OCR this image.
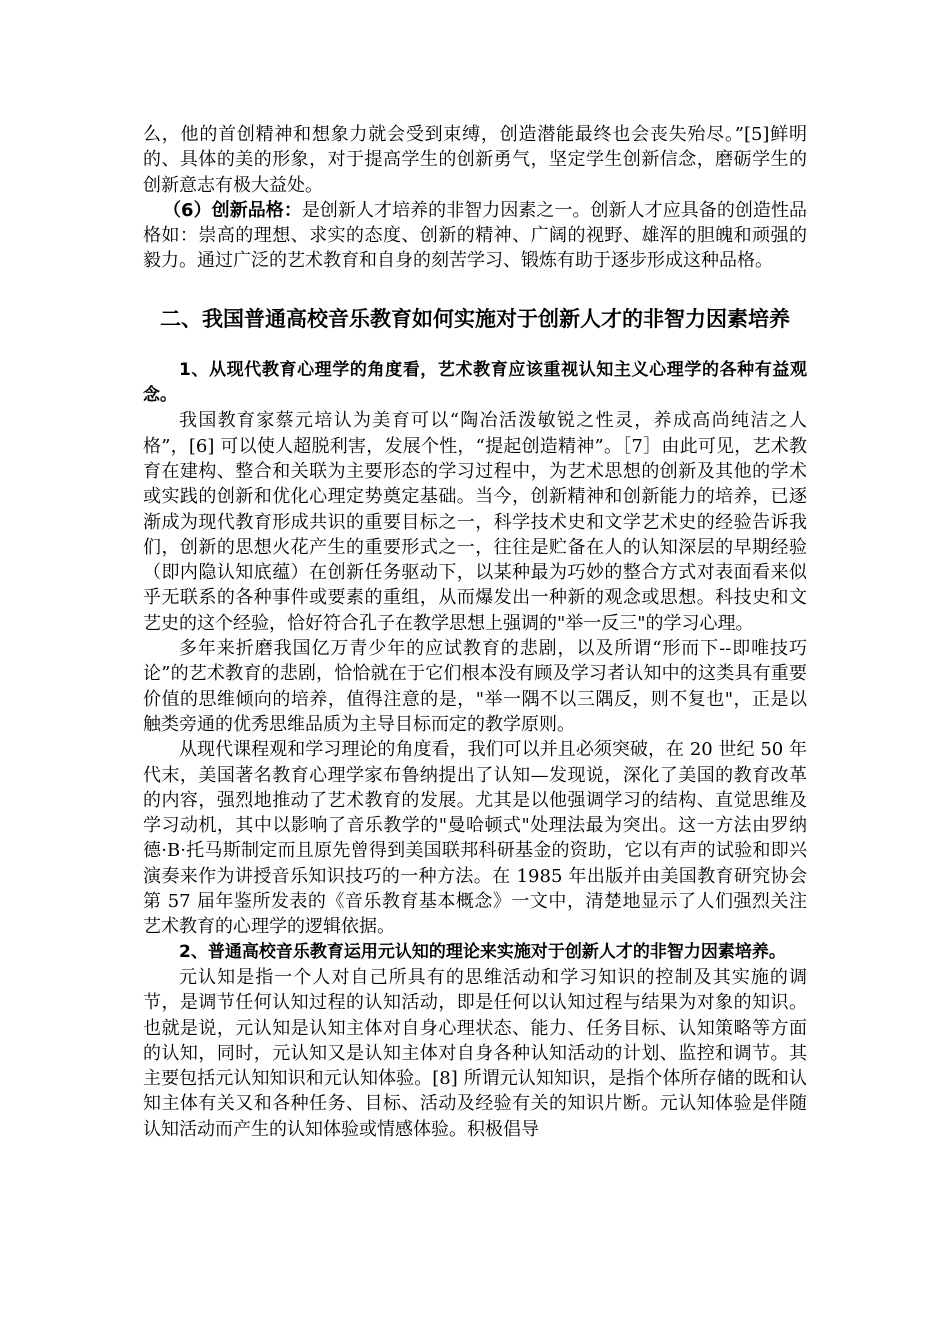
么，他的首创精神和想象力就会受到束缚，创造潜能最终也会丧失殆尽。”[5]鲜明的、具体的美的形象，对于提高学生的创新勇气，坚定学生创新信念，磨砺学生的创新意志有极大益处。

（6）创新品格：是创新人才培养的非智力因素之一。创新人才应具备的创造性品格如：崇高的理想、求实的态度、创新的精神、广阔的视野、雄浑的胆魄和顽强的毅力。通过广泛的艺术教育和自身的刻苦学习、锻炼有助于逐步形成这种品格。

二、我国普通高校音乐教育如何实施对于创新人才的非智力因素培养

1、从现代教育心理学的角度看，艺术教育应该重视认知主义心理学的各种有益观念。

我国教育家蔡元培认为美育可以“陶冶活泼敏锐之性灵，养成高尚纯洁之人格”，[6] 可以使人超脱利害，发展个性，“提起创造精神”。［7］由此可见，艺术教育在建构、整合和关联为主要形态的学习过程中，为艺术思想的创新及其他的学术或实践的创新和优化心理定势奠定基础。当今，创新精神和创新能力的培养，已逐渐成为现代教育形成共识的重要目标之一，科学技术史和文学艺术史的经验告诉我们，创新的思想火花产生的重要形式之一，往往是贮备在人的认知深层的早期经验（即内隐认知底蕴）在创新任务驱动下，以某种最为巧妙的整合方式对表面看来似乎无联系的各种事件或要素的重组，从而爆发出一种新的观念或思想。科技史和文艺史的这个经验，恰好符合孔子在教学思想上强调的"举一反三"的学习心理。

多年来折磨我国亿万青少年的应试教育的悲剧，以及所谓“形而下--即唯技巧论”的艺术教育的悲剧，恰恰就在于它们根本没有顾及学习者认知中的这类具有重要价值的思维倾向的培养，值得注意的是，"举一隅不以三隅反，则不复也"，正是以触类旁通的优秀思维品质为主导目标而定的教学原则。

从现代课程观和学习理论的角度看，我们可以并且必须突破，在 20 世纪 50 年代末，美国著名教育心理学家布鲁纳提出了认知—发现说，深化了美国的教育改革的内容，强烈地推动了艺术教育的发展。尤其是以他强调学习的结构、直觉思维及学习动机，其中以影响了音乐教学的"曼哈顿式"处理法最为突出。这一方法由罗纳德·B·托马斯制定而且原先曾得到美国联邦科研基金的资助，它以有声的试验和即兴演奏来作为讲授音乐知识技巧的一种方法。在 1985 年出版并由美国教育研究协会第 57 届年鉴所发表的《音乐教育基本概念》一文中，清楚地显示了人们强烈关注艺术教育的心理学的逻辑依据。

2、普通高校音乐教育运用元认知的理论来实施对于创新人才的非智力因素培养。

元认知是指一个人对自己所具有的思维活动和学习知识的控制及其实施的调节，是调节任何认知过程的认知活动，即是任何以认知过程与结果为对象的知识。也就是说，元认知是认知主体对自身心理状态、能力、任务目标、认知策略等方面的认知，同时，元认知又是认知主体对自身各种认知活动的计划、监控和调节。其主要包括元认知知识和元认知体验。[8] 所谓元认知知识，是指个体所存储的既和认知主体有关又和各种任务、目标、活动及经验有关的知识片断。元认知体验是伴随认知活动而产生的认知体验或情感体验。积极倡导
